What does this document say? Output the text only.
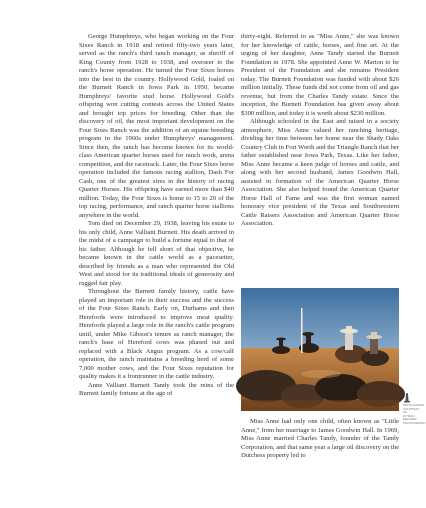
George Humphreys, who began working on the Four Sixes Ranch in 1918 and retired fifty-two years later, served as the ranch's third ranch manager, as sheriff of King County from 1928 to 1938, and overseer to the ranch's horse operation. He turned the Four Sixes horses into the best in the country. Hollywood Gold, foaled on the Burnett Ranch in Iowa Park in 1950, became Humphreys' favorite stud horse. Hollywood Gold's offspring won cutting contests across the United States and brought top prices for breeding. Other than the discovery of oil, the most important development on the Four Sixes Ranch was the addition of an equine breeding program in the 1960s under Humphreys' management. Since then, the ranch has become known for its world-class American quarter horses used for ranch work, arena competition, and the racetrack. Later, the Four Sixes horse operation included the famous racing stallion, Dash For Cash, one of the greatest sires in the history of racing Quarter Horses. His offspring have earned more than $40 million. Today, the Four Sixes is home to 15 to 20 of the top racing, performance, and ranch quarter horse stallions anywhere in the world.

Tom died on December 29, 1938, leaving his estate to his only child, Anne Valliant Burnett. His death arrived in the midst of a campaign to build a fortune equal to that of his father. Although he fell short of that objective, he became known in the cattle world as a pacesetter, described by friends as a man who represented the Old West and stood for its traditional ideals of generosity and rugged fair play.

Throughout the Burnett family history, cattle have played an important role in their success and the success of the Four Sixes Ranch. Early on, Durhams and then Herefords were introduced to improve meat quality. Herefords played a large role in the ranch's cattle program until, under Mike Gibson's tenure as ranch manager, the ranch's base of Hereford cows was phased out and replaced with a Black Angus program. As a cow/calf operation, the ranch maintains a breeding herd of some 7,000 mother cows, and the Four Sixes reputation for quality makes it a frontrunner in the cattle industry.

Anne Valliant Burnett Tandy took the reins of the Burnett family fortune at the age of

thirty-eight. Referred to as "Miss Anne," she was known for her knowledge of cattle, horses, and fine art. At the urging of her daughter, Anne Tandy started the Burnett Foundation in 1978. She appointed Anne W. Marion to be President of the Foundation and she remains President today. The Burnett Foundation was funded with about $26 million initially. These funds did not come from oil and gas revenue, but from the Charles Tandy estate. Since the inception, the Burnett Foundation has given away about $300 million, and today it is worth about $230 million.

Although schooled in the East and raised in a society atmosphere, Miss Anne valued her ranching heritage, dividing her time between her home near the Shady Oaks Country Club in Fort Worth and the Triangle Ranch that her father established near Iowa Park, Texas. Like her father, Miss Anne became a keen judge of horses and cattle, and along with her second husband, James Goodwin Hall, assisted in formation of the American Quarter Horse Association. She also helped found the American Quarter Horse Hall of Fame and was the first woman named honorary vice president of the Texas and Southwestern Cattle Raisers Association and American Quarter Horse Association.

Miss Anne had only one child, often known as "Little Anne," from her marriage to James Goodwin Hall. In 1969, Miss Anne married Charles Tandy, founder of the Tandy Corporation, and that same year a large oil discovery on the Dutchess property led to

PHOTOGRAPH COURTESY OF
WYMAN MEINZER PHOTOGRAPHY
